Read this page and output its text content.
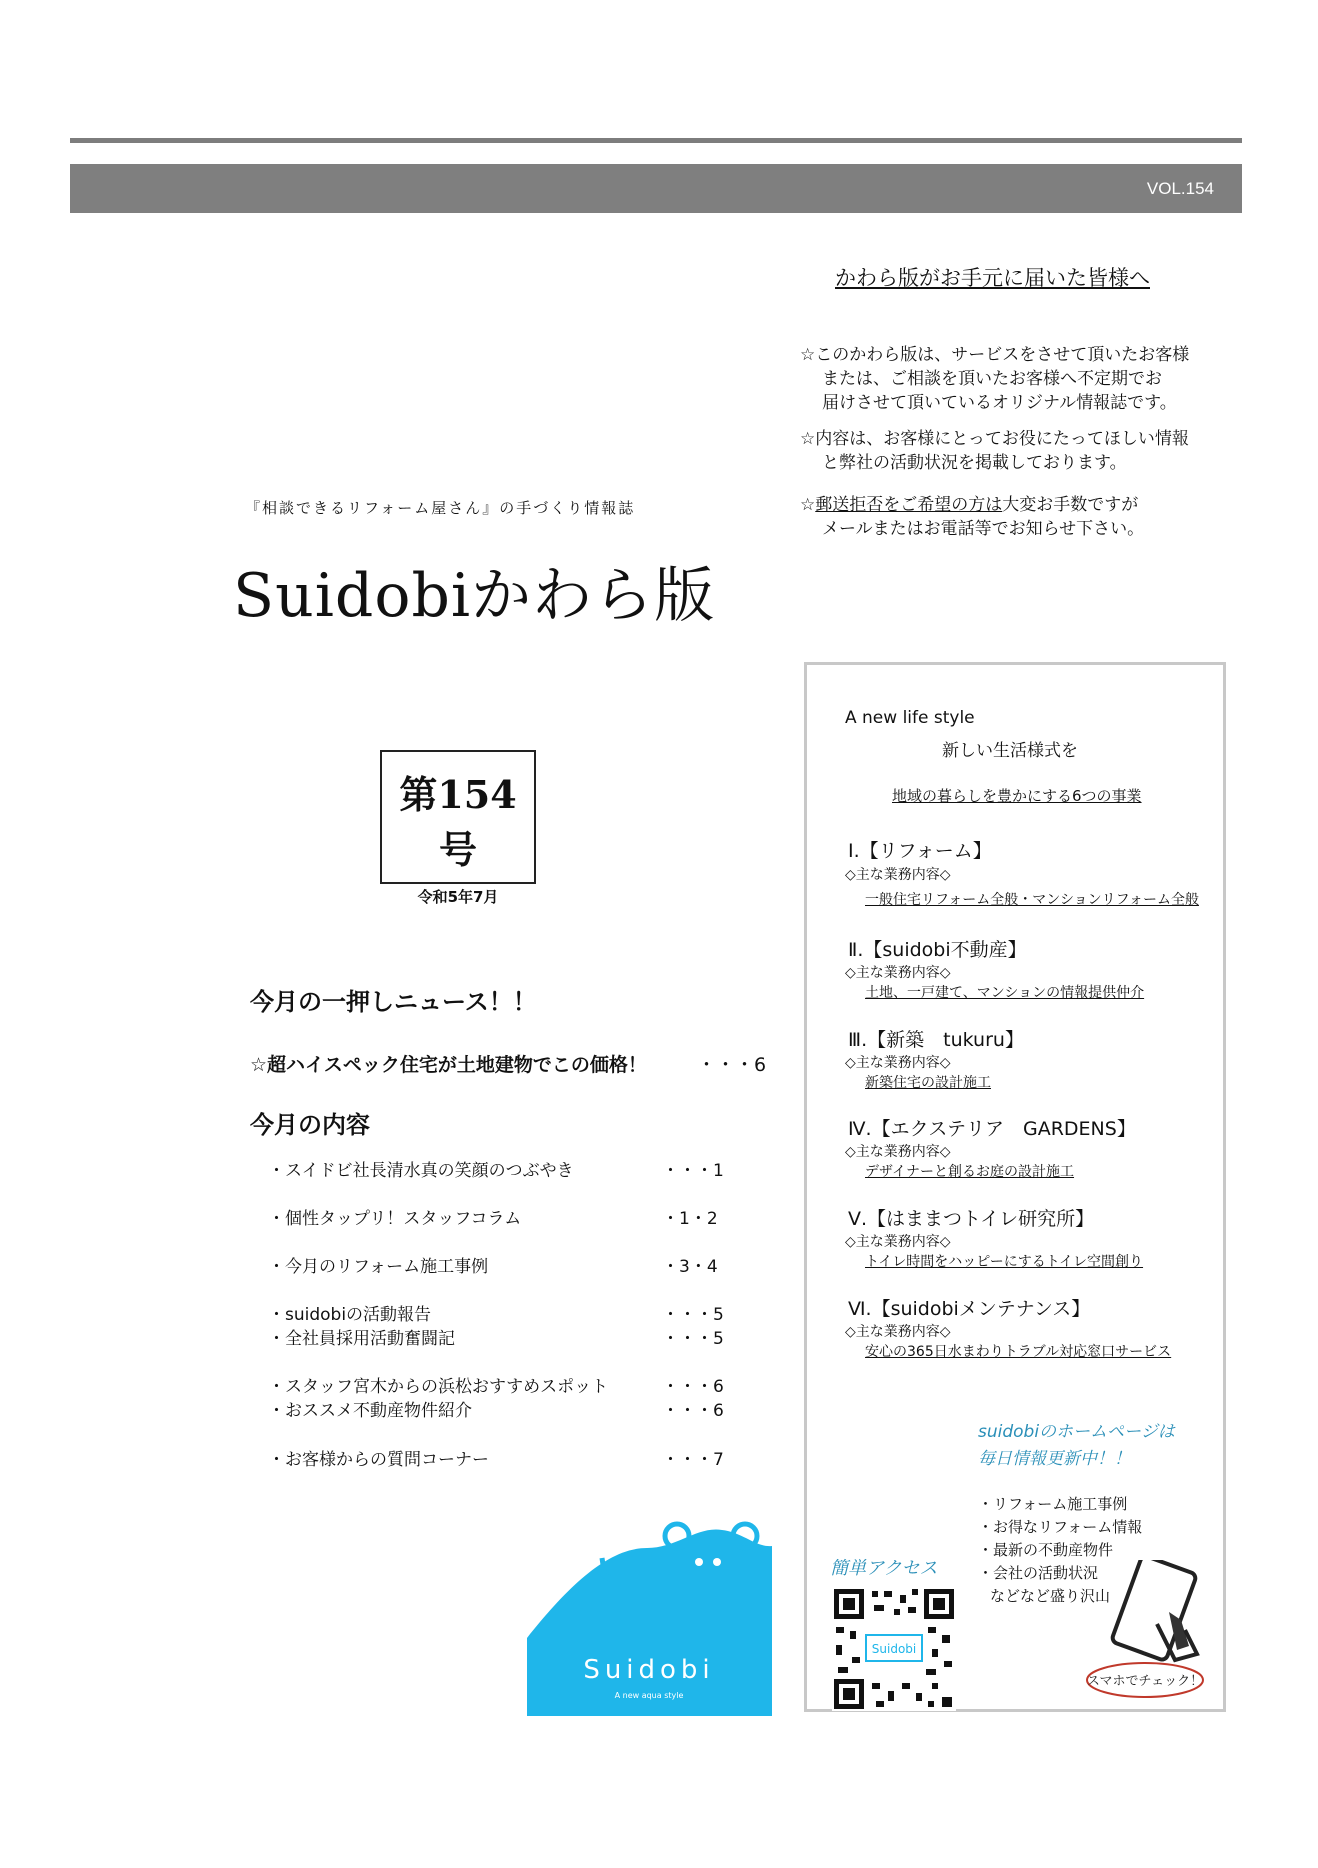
VOL.154
かわら版がお手元に届いた皆様へ

☆このかわら版は、サービスをさせて頂いたお客様

または、ご相談を頂いたお客様へ不定期でお

届けさせて頂いているオリジナル情報誌です。

☆内容は、お客様にとってお役にたってほしい情報

と弊社の活動状況を掲載しております。

☆郵送拒否をご希望の方は大変お手数ですが

メールまたはお電話等でお知らせ下さい。

『相談できるリフォーム屋さん』の手づくり情報誌
Suidobiかわら版
第154号
令和5年7月
今月の一押しニュース！！
☆超ハイスペック住宅が土地建物でこの価格！	・・・6
今月の内容
・スイドビ社長清水真の笑顔のつぶやき	・・・1
・個性タップリ！スタッフコラム	・1・2
・今月のリフォーム施工事例	・3・4
・suidobiの活動報告	・・・5
・全社員採用活動奮闘記	・・・5
・スタッフ宮木からの浜松おすすめスポット	・・・6
・おススメ不動産物件紹介	・・・6
・お客様からの質問コーナー	・・・7
Suidobi
A new aqua style
A new life style
新しい生活様式を
地域の暮らしを豊かにする6つの事業
Ⅰ.【リフォーム】
◇主な業務内容◇
一般住宅リフォーム全般・マンションリフォーム全般
Ⅱ.【suidobi不動産】
◇主な業務内容◇
土地、一戸建て、マンションの情報提供仲介
Ⅲ.【新築　tukuru】
◇主な業務内容◇
新築住宅の設計施工
Ⅳ.【エクステリア　GARDENS】
◇主な業務内容◇
デザイナーと創るお庭の設計施工
Ⅴ.【はままつトイレ研究所】
◇主な業務内容◇
トイレ時間をハッピーにするトイレ空間創り
Ⅵ.【suidobiメンテナンス】
◇主な業務内容◇
安心の365日水まわりトラブル対応窓口サービス
suidobiのホームページは
毎日情報更新中！！
・リフォーム施工事例
・お得なリフォーム情報
・最新の不動産物件
・会社の活動状況
などなど盛り沢山
簡単アクセス
Suidobi
スマホでチェック！
